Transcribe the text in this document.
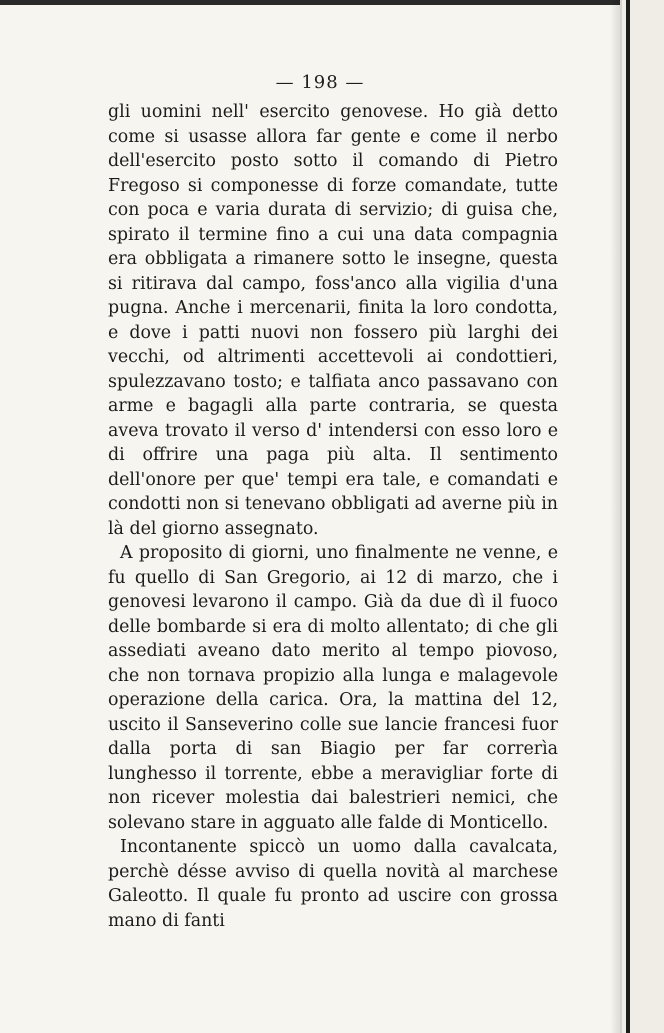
— 198 —

gli uomini nell' esercito genovese. Ho già detto come si usasse allora far gente e come il nerbo dell'esercito posto sotto il comando di Pietro Fregoso si componesse di forze comandate, tutte con poca e varia durata di servizio; di guisa che, spirato il termine fino a cui una data compagnia era obbligata a rimanere sotto le insegne, questa si ritirava dal campo, foss'anco alla vigilia d'una pugna. Anche i mercenarii, finita la loro condotta, e dove i patti nuovi non fossero più larghi dei vecchi, od altrimenti accettevoli ai condottieri, spulezzavano tosto; e talfiata anco passavano con arme e bagagli alla parte contraria, se questa aveva trovato il verso d' intendersi con esso loro e di offrire una paga più alta. Il sentimento dell'onore per que' tempi era tale, e comandati e condotti non si tenevano obbligati ad averne più in là del giorno assegnato.

A proposito di giorni, uno finalmente ne venne, e fu quello di San Gregorio, ai 12 di marzo, che i genovesi levarono il campo. Già da due dì il fuoco delle bombarde si era di molto allentato; di che gli assediati aveano dato merito al tempo piovoso, che non tornava propizio alla lunga e malagevole operazione della carica. Ora, la mattina del 12, uscito il Sanseverino colle sue lancie francesi fuor dalla porta di san Biagio per far correrìa lunghesso il torrente, ebbe a meravigliar forte di non ricever molestia dai balestrieri nemici, che solevano stare in agguato alle falde di Monticello.

Incontanente spiccò un uomo dalla cavalcata, perchè désse avviso di quella novità al marchese Galeotto. Il quale fu pronto ad uscire con grossa mano di fanti
